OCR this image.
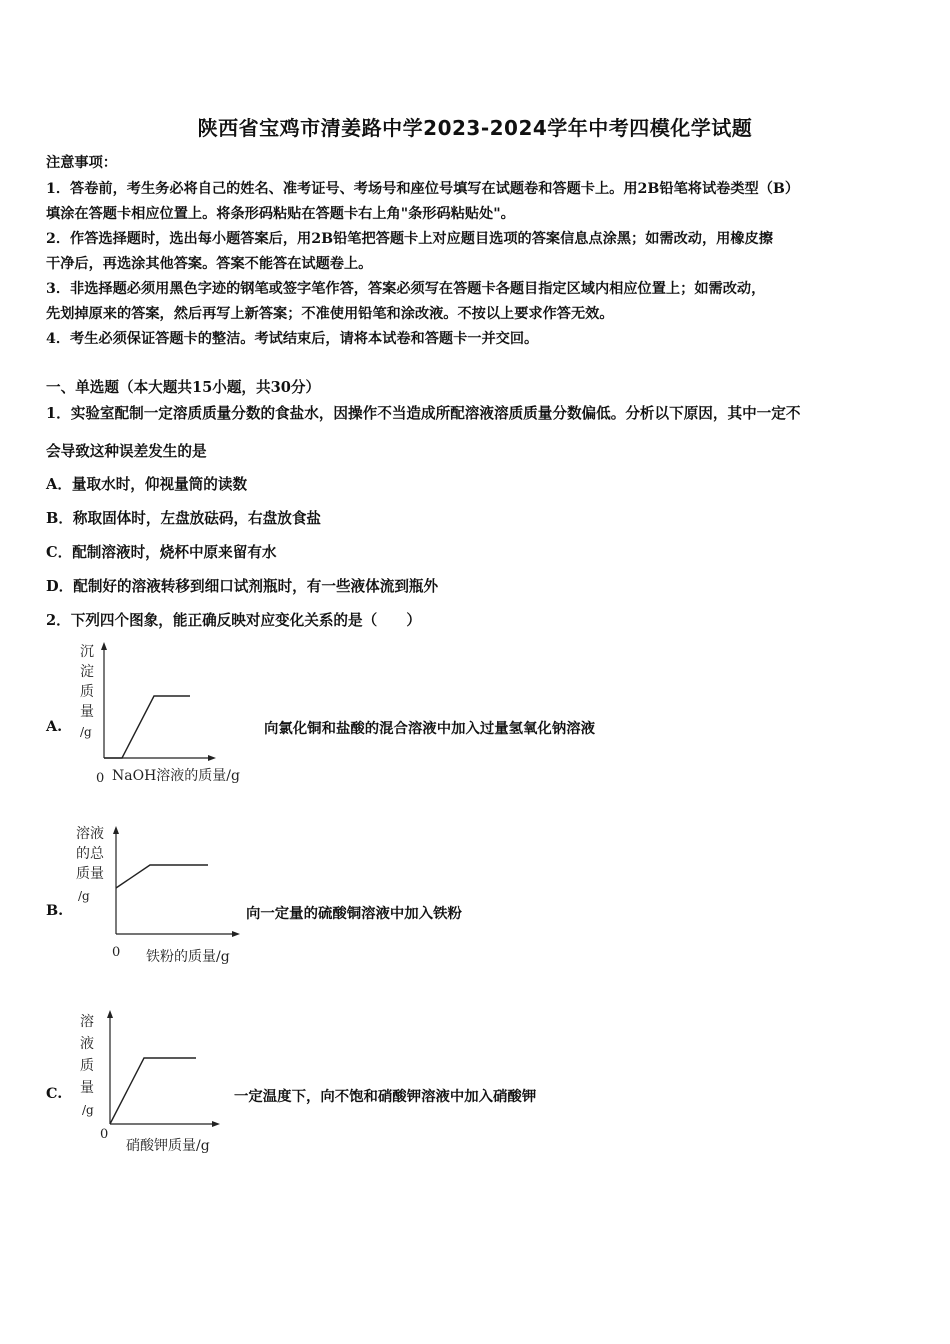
陕西省宝鸡市清姜路中学2023-2024学年中考四模化学试题
注意事项：
1．答卷前，考生务必将自己的姓名、准考证号、考场号和座位号填写在试题卷和答题卡上。用2B铅笔将试卷类型（B）
填涂在答题卡相应位置上。将条形码粘贴在答题卡右上角"条形码粘贴处"。
2．作答选择题时，选出每小题答案后，用2B铅笔把答题卡上对应题目选项的答案信息点涂黑；如需改动，用橡皮擦
干净后，再选涂其他答案。答案不能答在试题卷上。
3．非选择题必须用黑色字迹的钢笔或签字笔作答，答案必须写在答题卡各题目指定区域内相应位置上；如需改动，
先划掉原来的答案，然后再写上新答案；不准使用铅笔和涂改液。不按以上要求作答无效。
4．考生必须保证答题卡的整洁。考试结束后，请将本试卷和答题卡一并交回。
一、单选题（本大题共15小题，共30分）
1．实验室配制一定溶质质量分数的食盐水，因操作不当造成所配溶液溶质质量分数偏低。分析以下原因，其中一定不
会导致这种误差发生的是
A．量取水时，仰视量筒的读数
B．称取固体时，左盘放砝码，右盘放食盐
C．配制溶液时，烧杯中原来留有水
D．配制好的溶液转移到细口试剂瓶时，有一些液体流到瓶外
2．下列四个图象，能正确反映对应变化关系的是（　　）
A.
沉
淀
质
量
/g
0 NaOH溶液的质量/g
向氯化铜和盐酸的混合溶液中加入过量氢氧化钠溶液
B.
溶液
的总
质量
/g
0 铁粉的质量/g
向一定量的硫酸铜溶液中加入铁粉
C.
溶
液
质
量
/g
0
硝酸钾质量/g
一定温度下，向不饱和硝酸钾溶液中加入硝酸钾
